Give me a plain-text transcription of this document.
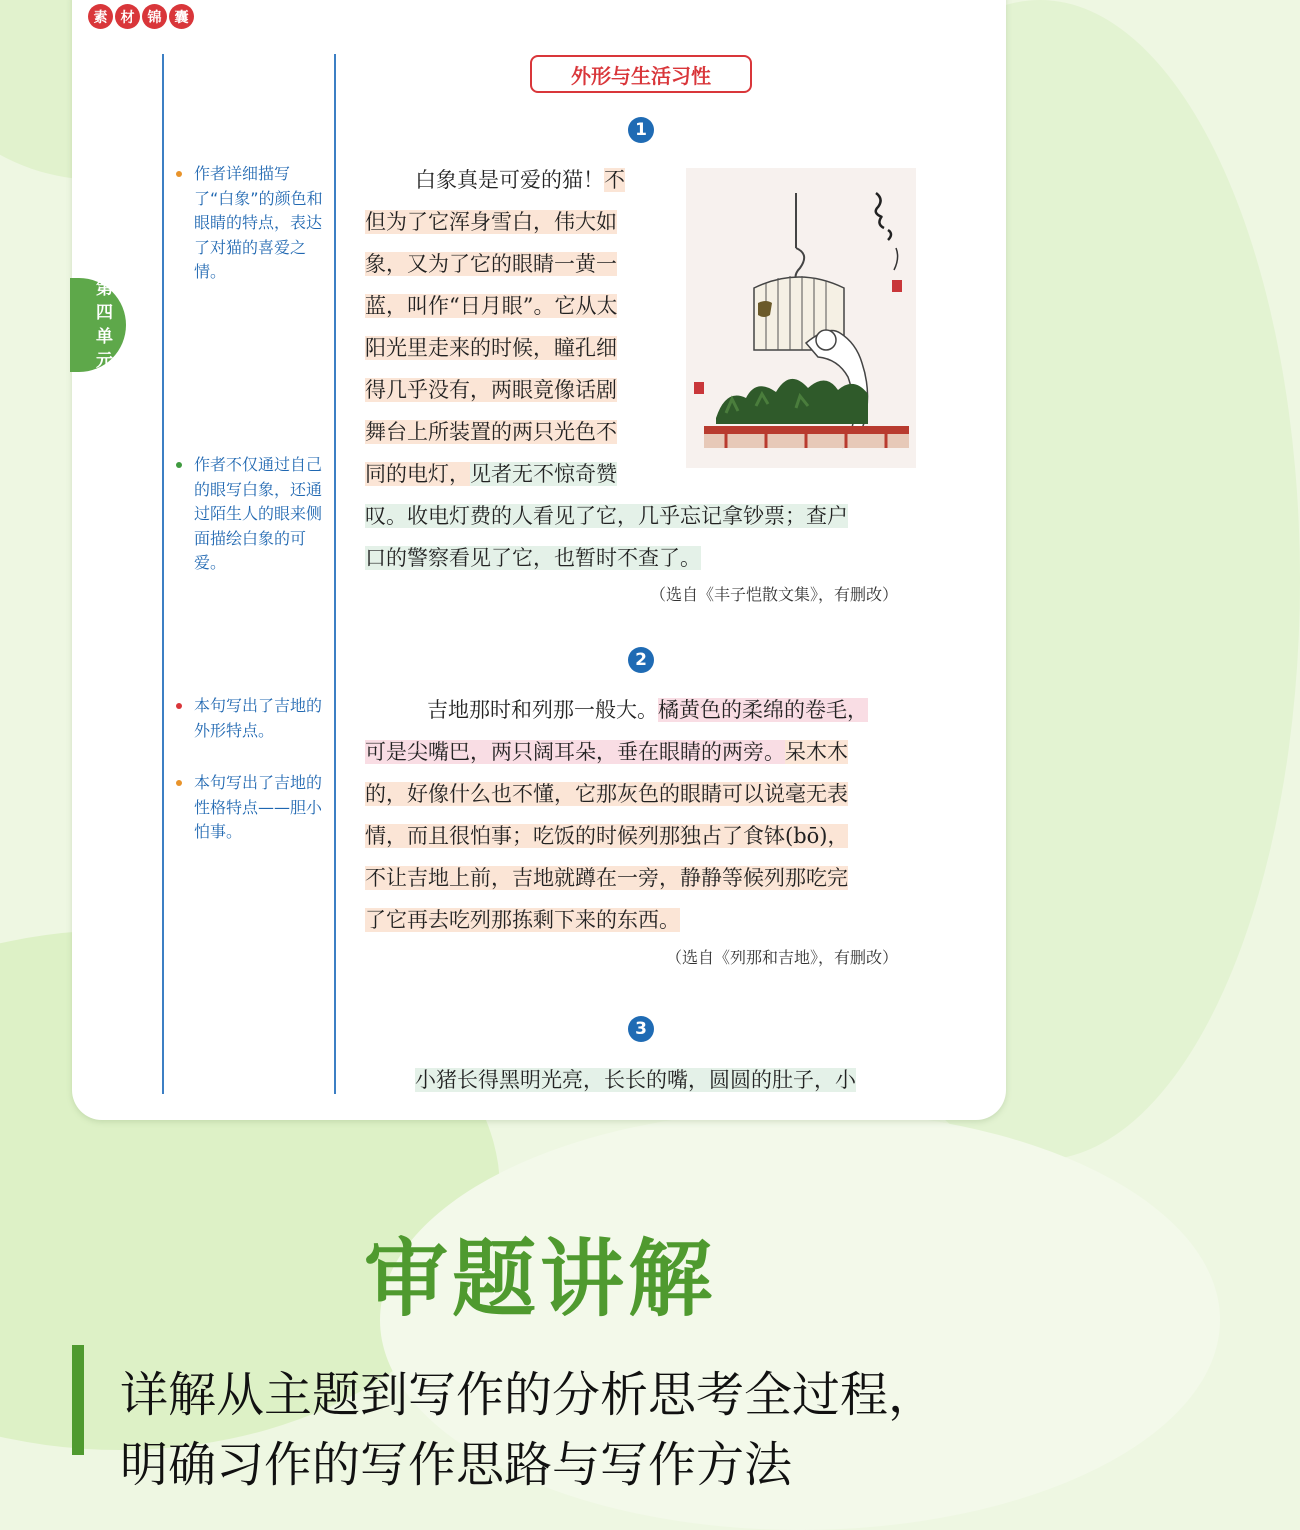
素 材 锦 囊
第四
单元
作者详细描写了“白象”的颜色和眼睛的特点，表达了对猫的喜爱之情。
作者不仅通过自己的眼写白象，还通过陌生人的眼来侧面描绘白象的可爱。
本句写出了吉地的外形特点。
本句写出了吉地的性格特点——胆小怕事。
外形与生活习性
1
白象真是可爱的猫！不
但为了它浑身雪白，伟大如
象，又为了它的眼睛一黄一
蓝，叫作“日月眼”。它从太
阳光里走来的时候，瞳孔细
得几乎没有，两眼竟像话剧
舞台上所装置的两只光色不
同的电灯，见者无不惊奇赞
叹。收电灯费的人看见了它，几乎忘记拿钞票；查户
口的警察看见了它，也暂时不查了。
（选自《丰子恺散文集》，有删改）
2
吉地那时和列那一般大。橘黄色的柔绵的卷毛，
可是尖嘴巴，两只阔耳朵，垂在眼睛的两旁。呆木木
的，好像什么也不懂，它那灰色的眼睛可以说毫无表
情，而且很怕事；吃饭的时候列那独占了食钵(bō)，
不让吉地上前，吉地就蹲在一旁，静静等候列那吃完
了它再去吃列那拣剩下来的东西。
（选自《列那和吉地》，有删改）
3
小猪长得黑明光亮，长长的嘴，圆圆的肚子，小
审题讲解
详解从主题到写作的分析思考全过程，
明确习作的写作思路与写作方法
